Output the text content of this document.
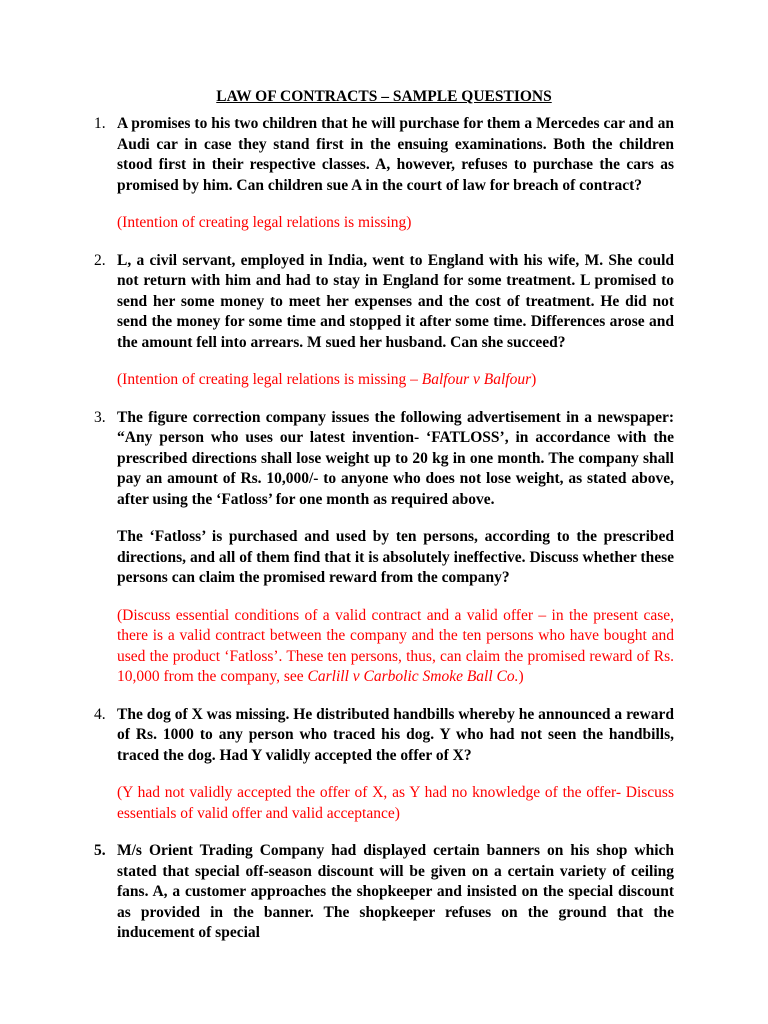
LAW OF CONTRACTS – SAMPLE QUESTIONS
1. A promises to his two children that he will purchase for them a Mercedes car and an Audi car in case they stand first in the ensuing examinations. Both the children stood first in their respective classes. A, however, refuses to purchase the cars as promised by him. Can children sue A in the court of law for breach of contract?

(Intention of creating legal relations is missing)

2. L, a civil servant, employed in India, went to England with his wife, M. She could not return with him and had to stay in England for some treatment. L promised to send her some money to meet her expenses and the cost of treatment. He did not send the money for some time and stopped it after some time. Differences arose and the amount fell into arrears. M sued her husband. Can she succeed?

(Intention of creating legal relations is missing – Balfour v Balfour)

3. The figure correction company issues the following advertisement in a newspaper: “Any person who uses our latest invention- ‘FATLOSS’, in accordance with the prescribed directions shall lose weight up to 20 kg in one month. The company shall pay an amount of Rs. 10,000/- to anyone who does not lose weight, as stated above, after using the ‘Fatloss’ for one month as required above.

The ‘Fatloss’ is purchased and used by ten persons, according to the prescribed directions, and all of them find that it is absolutely ineffective. Discuss whether these persons can claim the promised reward from the company?

(Discuss essential conditions of a valid contract and a valid offer – in the present case, there is a valid contract between the company and the ten persons who have bought and used the product ‘Fatloss’. These ten persons, thus, can claim the promised reward of Rs. 10,000 from the company, see Carlill v Carbolic Smoke Ball Co.)

4. The dog of X was missing. He distributed handbills whereby he announced a reward of Rs. 1000 to any person who traced his dog. Y who had not seen the handbills, traced the dog. Had Y validly accepted the offer of X?

(Y had not validly accepted the offer of X, as Y had no knowledge of the offer- Discuss essentials of valid offer and valid acceptance)

5. M/s Orient Trading Company had displayed certain banners on his shop which stated that special off-season discount will be given on a certain variety of ceiling fans. A, a customer approaches the shopkeeper and insisted on the special discount as provided in the banner. The shopkeeper refuses on the ground that the inducement of special
